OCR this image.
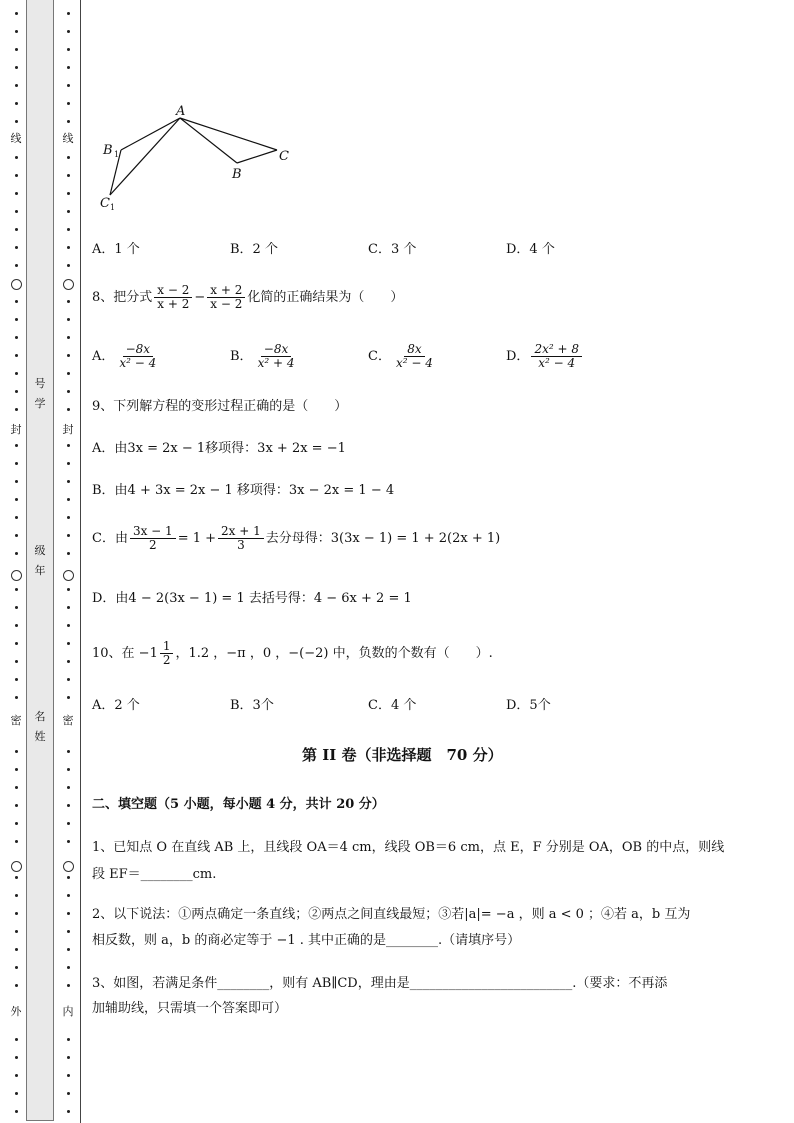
线
封
密
外
线
封
密
内
号
学
级
年
名
姓
A
B 1
C 1
B
C
A．1 个	B．2 个	C．3 个	D．4 个
8、把分式 $\frac{x - 2}{x + 2} - \frac{x + 2}{x - 2}$ 化简的正确结果为（　　）
A． $\frac{-8x}{\text{x² − 4}}$	B． $\frac{-8x}{\text{x² + 4}}$	C． $\frac{8x}{\text{x² − 4}}$	D． $\frac{\text{2x² + 8}}{\text{x² − 4}}$
9、下列解方程的变形过程正确的是（　　）
A．由3x = 2x − 1移项得：3x + 2x = −1
B．由4 + 3x = 2x − 1 移项得：3x − 2x = 1 − 4
C．由 $\frac{3x - 1}{2} = 1 + \frac{2x + 1}{3}$ 去分母得：3(3x − 1) = 1 + 2(2x + 1)
D．由4 − 2(3x − 1) = 1 去括号得：4 − 6x + 2 = 1
10、在 $-1 \frac{1}{2}$ ，1.2 ，−π ，0 ，−(−2) 中，负数的个数有（　　）.
A．2 个	B．3个	C．4 个	D．5个
第 II 卷（非选择题　70 分）
二、填空题（5 小题，每小题 4 分，共计 20 分）
1、已知点 O 在直线 AB 上，且线段 OA＝4 cm，线段 OB＝6 cm，点 E，F 分别是 OA，OB 的中点，则线
段 EF＝________cm.
2、以下说法：①两点确定一条直线；②两点之间直线最短；③若|a|= −a ，则 a < 0 ；④若 a，b 互为
相反数，则 a，b 的商必定等于 −1 . 其中正确的是________.（请填序号）
3、如图，若满足条件________，则有 AB∥CD，理由是_________________________.（要求：不再添
加辅助线，只需填一个答案即可）
